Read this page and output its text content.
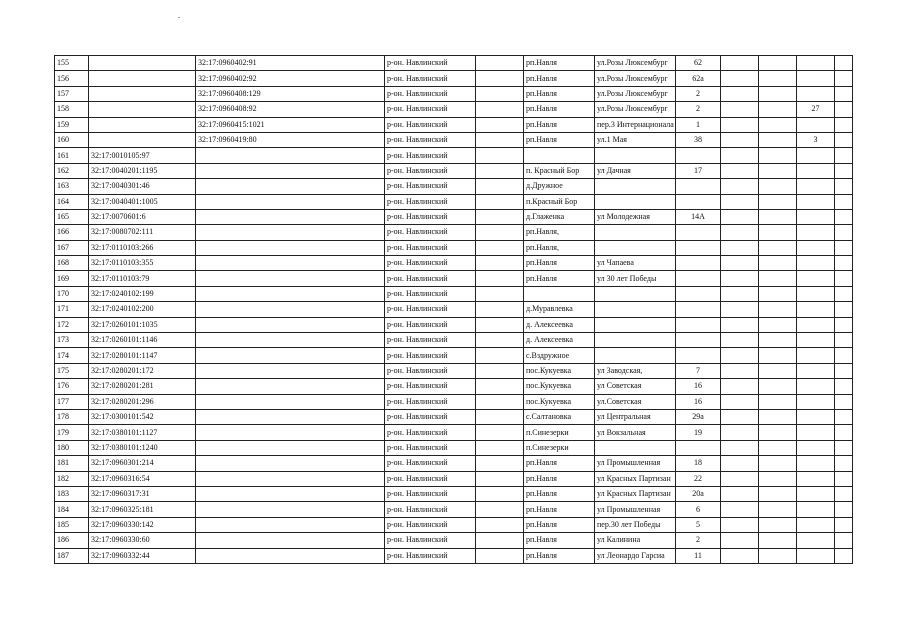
155		32:17:0960402:91	р-он. Навлинский		рп.Навля	ул.Розы Люксембург	62				
156		32:17:0960402:92	р-он. Навлинский		рп.Навля	ул.Розы Люксембург	62а				
157		32:17:0960408:129	р-он. Навлинский		рп.Навля	ул.Розы Люксембург	2				
158		32:17:0960408:92	р-он. Навлинский		рп.Навля	ул.Розы Люксембург	2			27	
159		32:17:0960415:1021	р-он. Навлинский		рп.Навля	пер.3 Интернационала	1				
160		32:17:0960419:80	р-он. Навлинский		рп.Навля	ул.1 Мая	38			3	
161	32:17:0010105:97		р-он. Навлинский								
162	32:17:0040201:1195		р-он. Навлинский		п. Красный Бор	ул Дачная	17				
163	32:17:0040301:46		р-он. Навлинский		д.Дружное						
164	32:17:0040401:1005		р-он. Навлинский		п.Красный Бор						
165	32:17:0070601:6		р-он. Навлинский		д.Глаженка	ул Молодежная	14А				
166	32:17:0080702:111		р-он. Навлинский		рп.Навля,						
167	32:17:0110103:266		р-он. Навлинский		рп.Навля,						
168	32:17:0110103:355		р-он. Навлинский		рп.Навля	ул Чапаева					
169	32:17:0110103:79		р-он. Навлинский		рп.Навля	ул 30 лет Победы					
170	32:17:0240102:199		р-он. Навлинский								
171	32:17:0240102:200		р-он. Навлинский		д.Муравлевка						
172	32:17:0260101:1035		р-он. Навлинский		д. Алексеевка						
173	32:17:0260101:1146		р-он. Навлинский		д. Алексеевка						
174	32:17:0280101:1147		р-он. Навлинский		с.Вздружное						
175	32:17:0280201:172		р-он. Навлинский		пос.Кукуевка	ул Заводская,	7				
176	32:17:0280201:281		р-он. Навлинский		пос.Кукуевка	ул Советская	16				
177	32:17:0280201:296		р-он. Навлинский		пос.Кукуевка	ул.Советская	16				
178	32:17:0300101:542		р-он. Навлинский		с.Салтановка	ул Центральная	29а				
179	32:17:0380101:1127		р-он. Навлинский		п.Синезерки	ул Вокзальная	19				
180	32:17:0380101:1240		р-он. Навлинский		п.Синезерки						
181	32:17:0960301:214		р-он. Навлинский		рп.Навля	ул Промышленная	18				
182	32:17:0960316:54		р-он. Навлинский		рп.Навля	ул Красных Партизан	22				
183	32:17:0960317:31		р-он. Навлинский		рп.Навля	ул Красных Партизан	20а				
184	32:17:0960325:181		р-он. Навлинский		рп.Навля	ул Промышленная	6				
185	32:17:0960330:142		р-он. Навлинский		рп.Навля	пер.30 лет Победы	5				
186	32:17:0960330:60		р-он. Навлинский		рп.Навля	ул Калинина	2				
187	32:17:0960332:44		р-он. Навлинский		рп.Навля	ул Леонардо Гарсиа	11				
